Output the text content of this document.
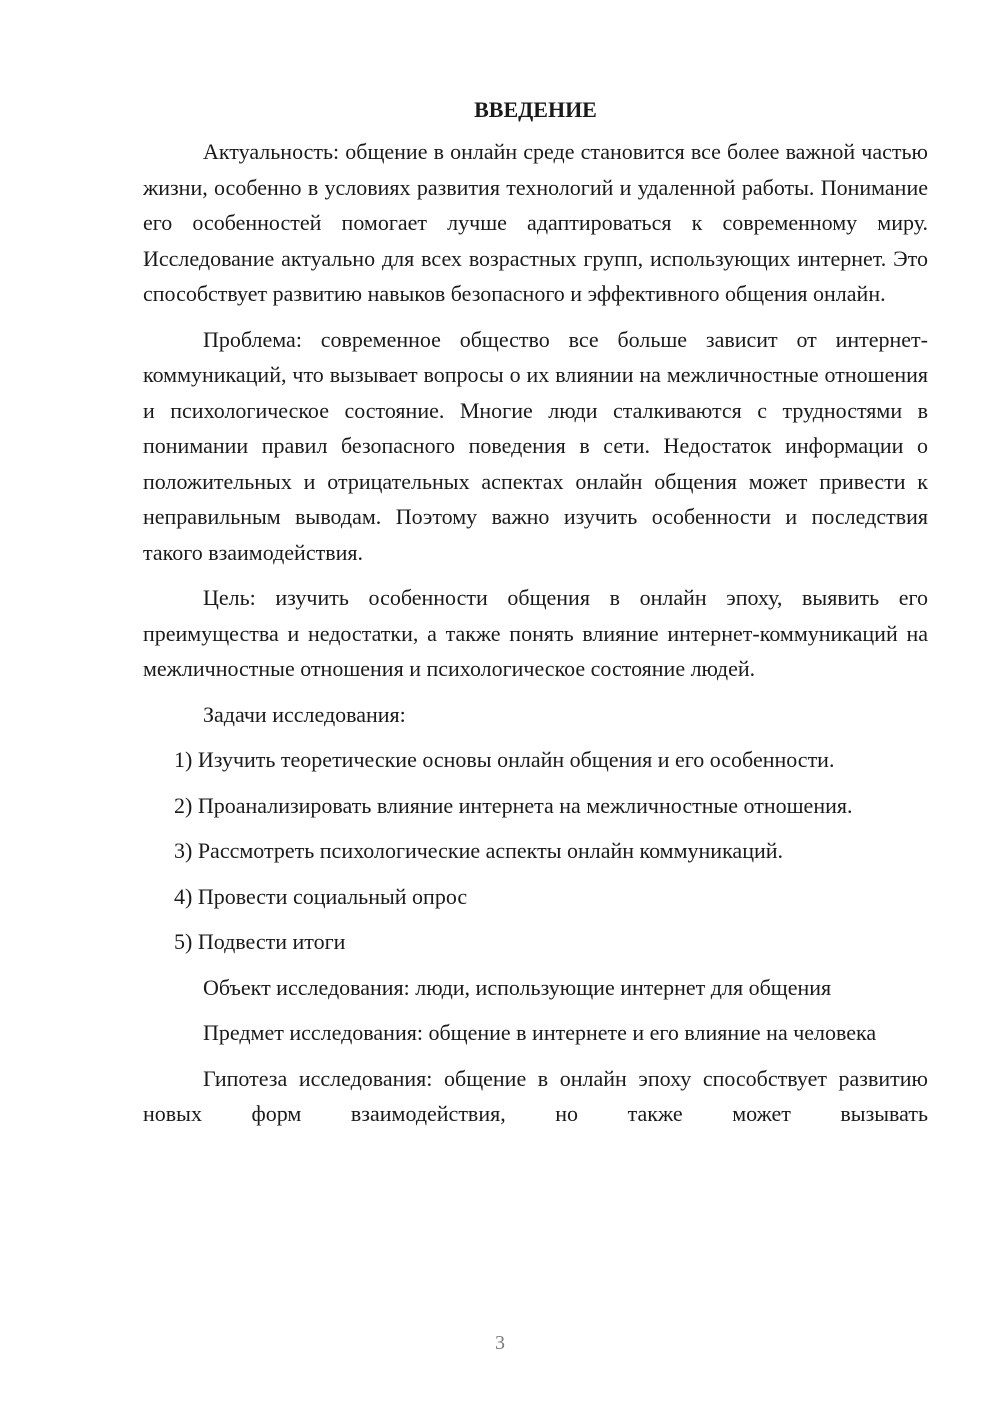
ВВЕДЕНИЕ

Актуальность: общение в онлайн среде становится все более важной частью жизни, особенно в условиях развития технологий и удаленной работы. Понимание его особенностей помогает лучше адаптироваться к современному миру. Исследование актуально для всех возрастных групп, использующих интернет. Это способствует развитию навыков безопасного и эффективного общения онлайн.

Проблема: современное общество все больше зависит от интернет-коммуникаций, что вызывает вопросы о их влиянии на межличностные отношения и психологическое состояние. Многие люди сталкиваются с трудностями в понимании правил безопасного поведения в сети. Недостаток информации о положительных и отрицательных аспектах онлайн общения может привести к неправильным выводам. Поэтому важно изучить особенности и последствия такого взаимодействия.

Цель: изучить особенности общения в онлайн эпоху, выявить его преимущества и недостатки, а также понять влияние интернет-коммуникаций на межличностные отношения и психологическое состояние людей.

Задачи исследования:

1) Изучить теоретические основы онлайн общения и его особенности.

2) Проанализировать влияние интернета на межличностные отношения.

3) Рассмотреть психологические аспекты онлайн коммуникаций.

4) Провести социальный опрос

5) Подвести итоги

Объект исследования: люди, использующие интернет для общения

Предмет исследования: общение в интернете и его влияние на человека

Гипотеза исследования: общение в онлайн эпоху способствует развитию новых форм взаимодействия, но также может вызывать

3
